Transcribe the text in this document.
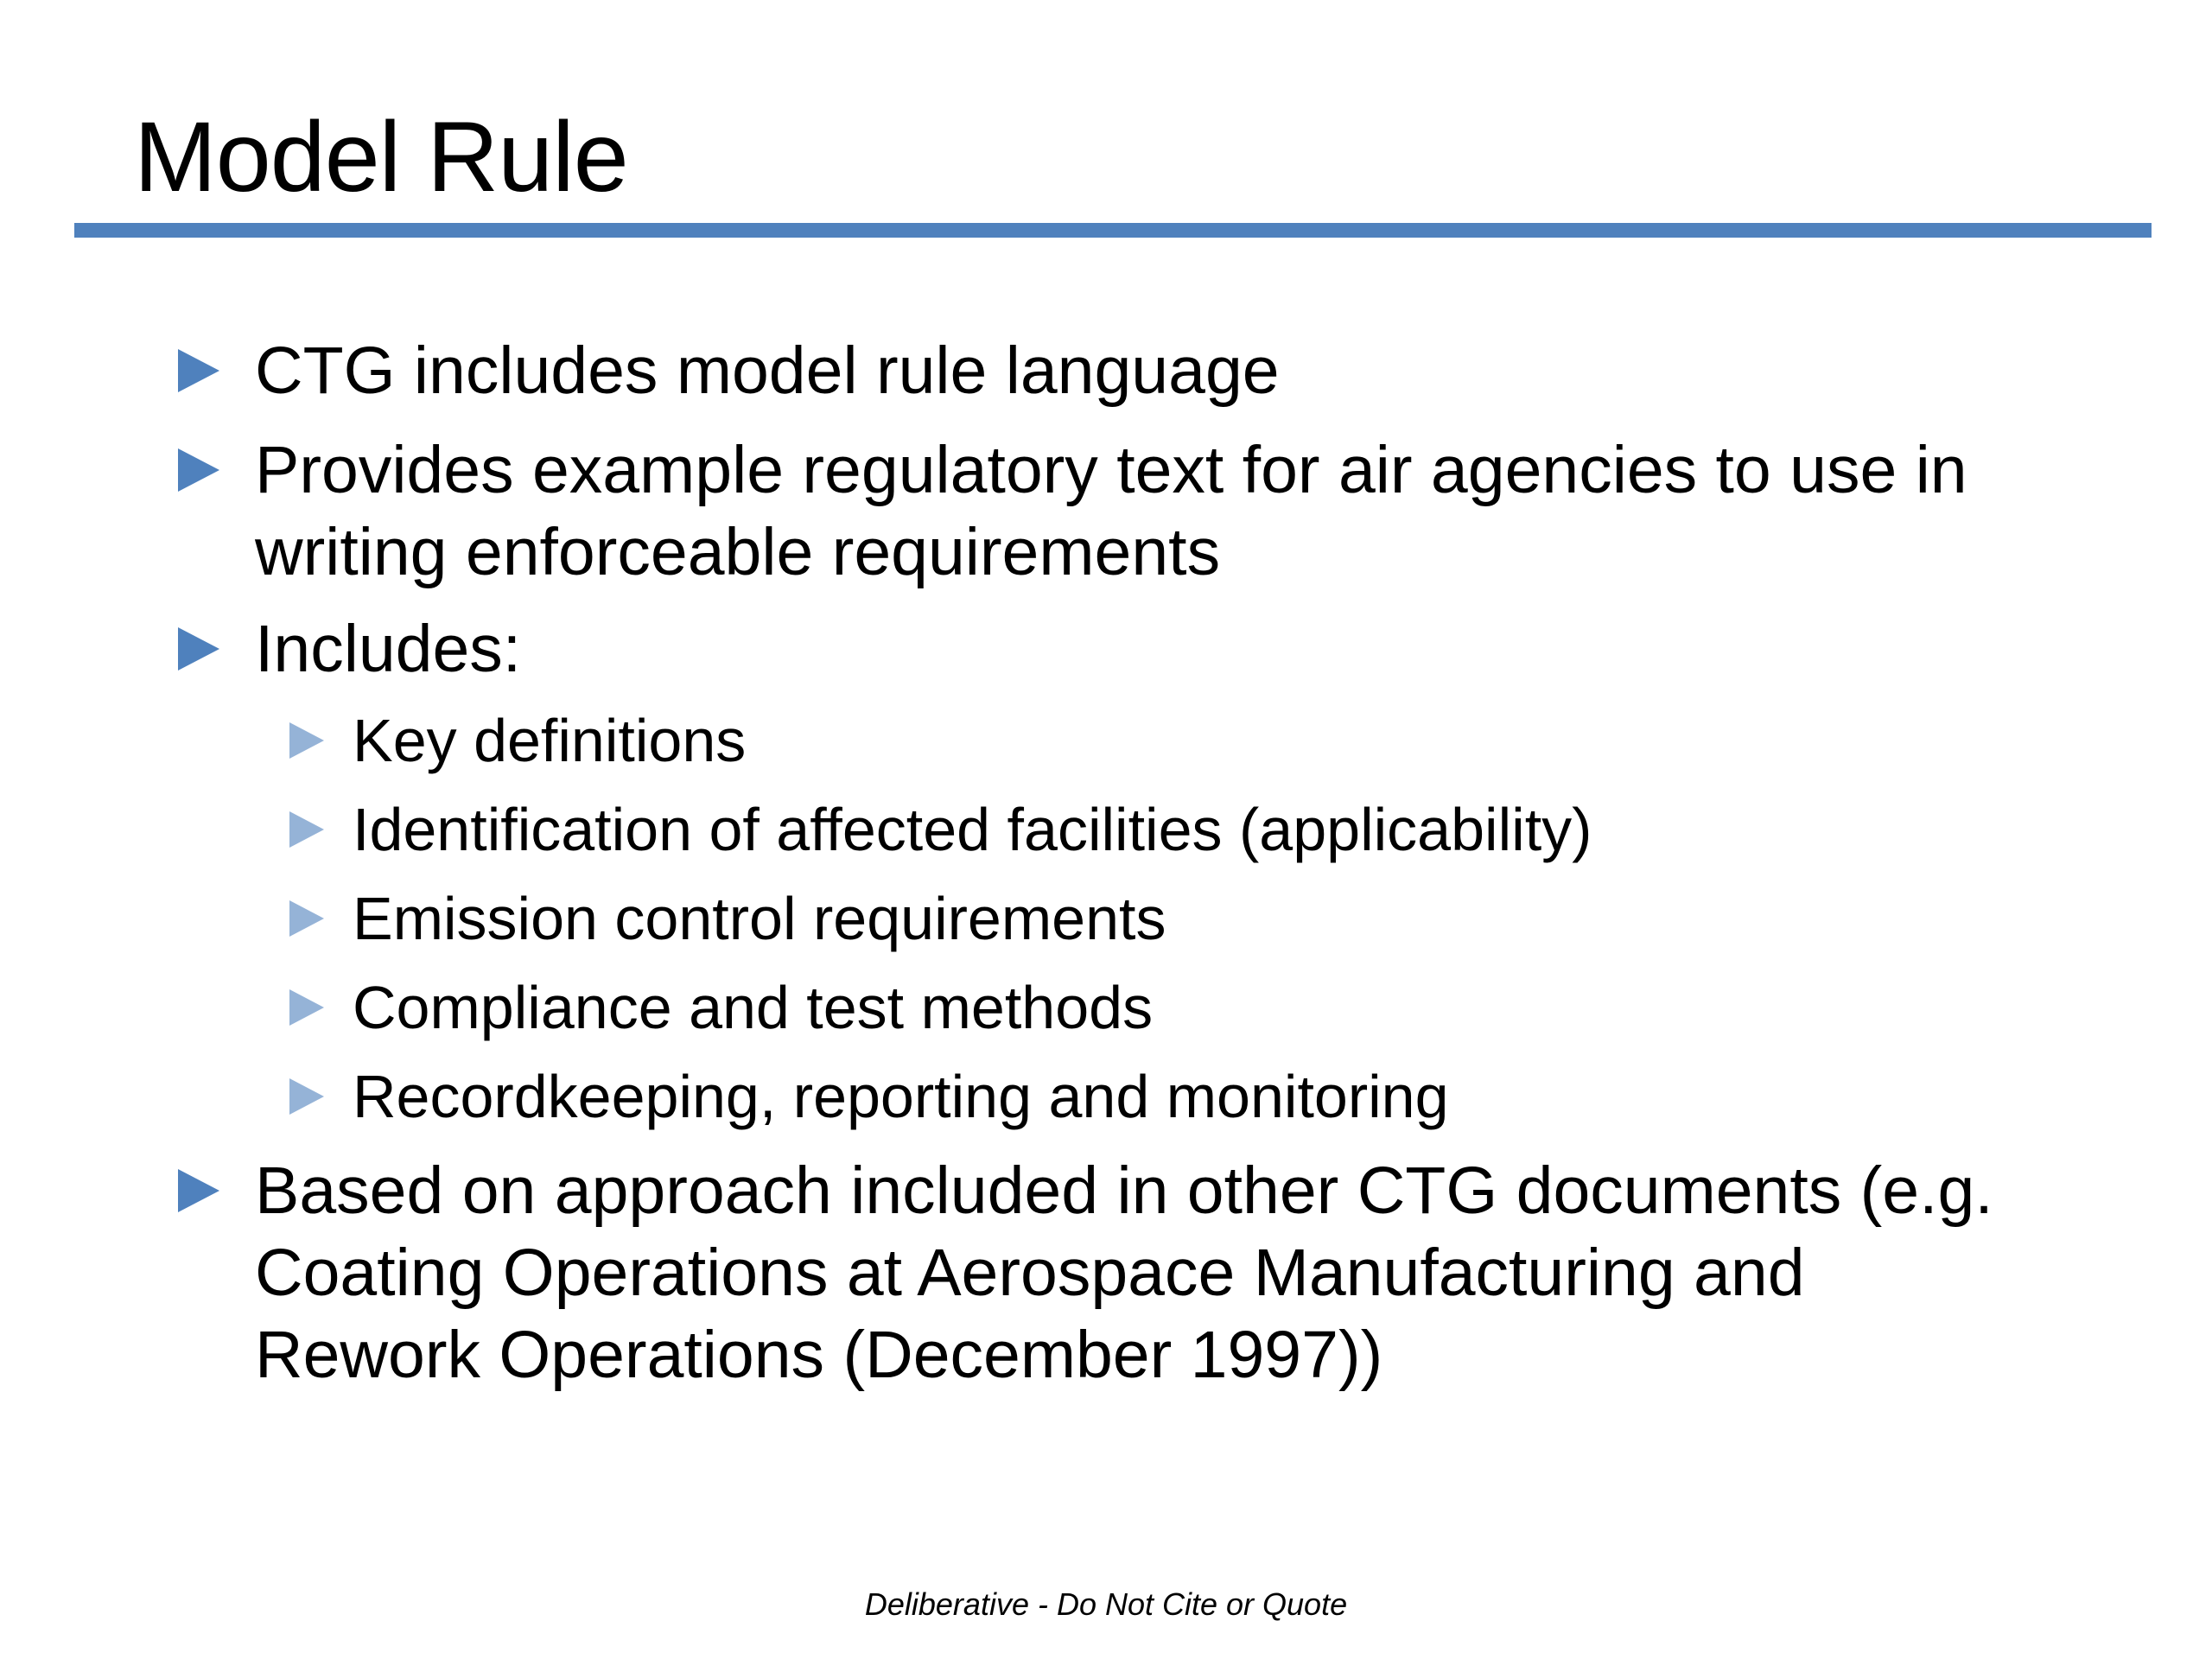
Model Rule
CTG includes model rule language
Provides example regulatory text for air agencies to use in
writing enforceable requirements
Includes:
Key definitions
Identification of affected facilities (applicability)
Emission control requirements
Compliance and test methods
Recordkeeping, reporting and monitoring
Based on approach included in other CTG documents (e.g.
Coating Operations at Aerospace Manufacturing and
Rework Operations (December 1997))
Deliberative - Do Not Cite or Quote
